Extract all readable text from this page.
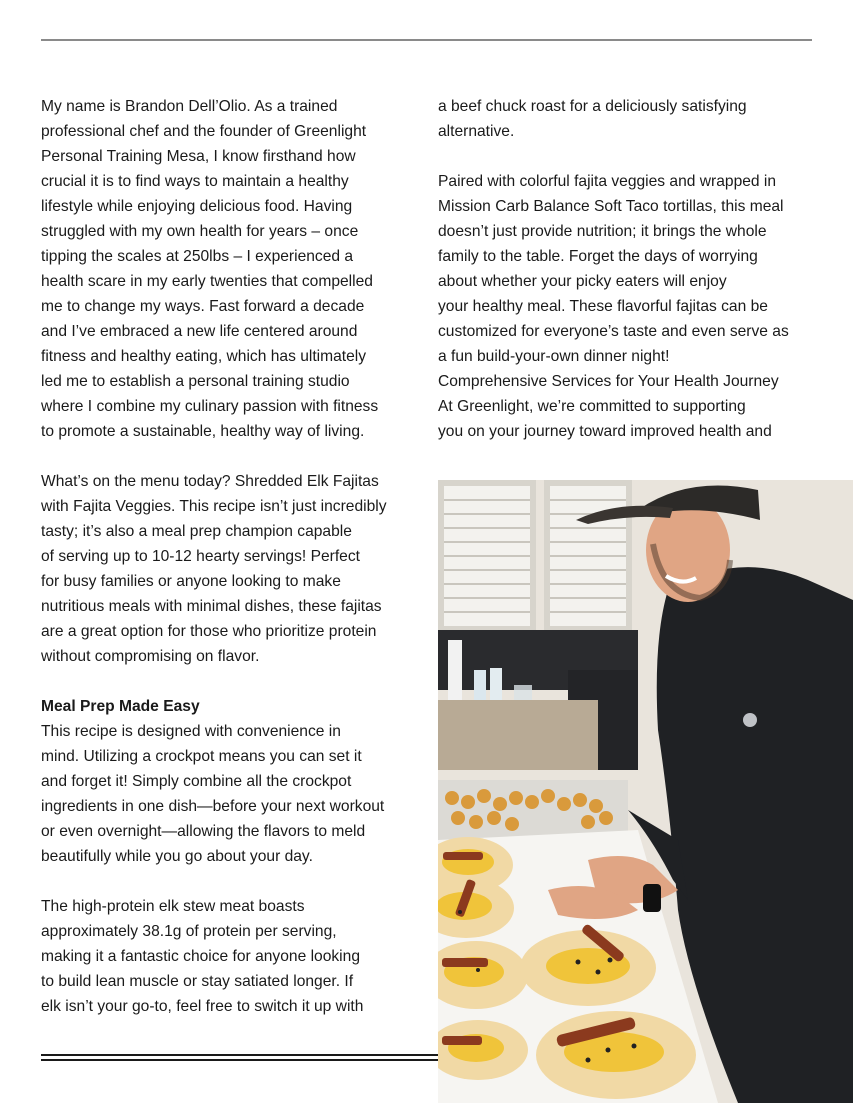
My name is Brandon Dell’Olio. As a trained
professional chef and the founder of Greenlight
Personal Training Mesa, I know firsthand how
crucial it is to find ways to maintain a healthy
lifestyle while enjoying delicious food. Having
struggled with my own health for years – once
tipping the scales at 250lbs – I experienced a
health scare in my early twenties that compelled
me to change my ways. Fast forward a decade
and I’ve embraced a new life centered around
fitness and healthy eating, which has ultimately
led me to establish a personal training studio
where I combine my culinary passion with fitness
to promote a sustainable, healthy way of living.
What’s on the menu today? Shredded Elk Fajitas
with Fajita Veggies. This recipe isn’t just incredibly
tasty; it’s also a meal prep champion capable
of serving up to 10-12 hearty servings! Perfect
for busy families or anyone looking to make
nutritious meals with minimal dishes, these fajitas
are a great option for those who prioritize protein
without compromising on flavor.
Meal Prep Made Easy
This recipe is designed with convenience in
mind. Utilizing a crockpot means you can set it
and forget it! Simply combine all the crockpot
ingredients in one dish—before your next workout
or even overnight—allowing the flavors to meld
beautifully while you go about your day.
The high-protein elk stew meat boasts
approximately 38.1g of protein per serving,
making it a fantastic choice for anyone looking
to build lean muscle or stay satiated longer. If
elk isn’t your go-to, feel free to switch it up with
a beef chuck roast for a deliciously satisfying
alternative.
Paired with colorful fajita veggies and wrapped in
Mission Carb Balance Soft Taco tortillas, this meal
doesn’t just provide nutrition; it brings the whole
family to the table. Forget the days of worrying
about whether your picky eaters will enjoy
your healthy meal. These flavorful fajitas can be
customized for everyone’s taste and even serve as
a fun build-your-own dinner night!
Comprehensive Services for Your Health Journey
At Greenlight, we’re committed to supporting
you on your journey toward improved health and
